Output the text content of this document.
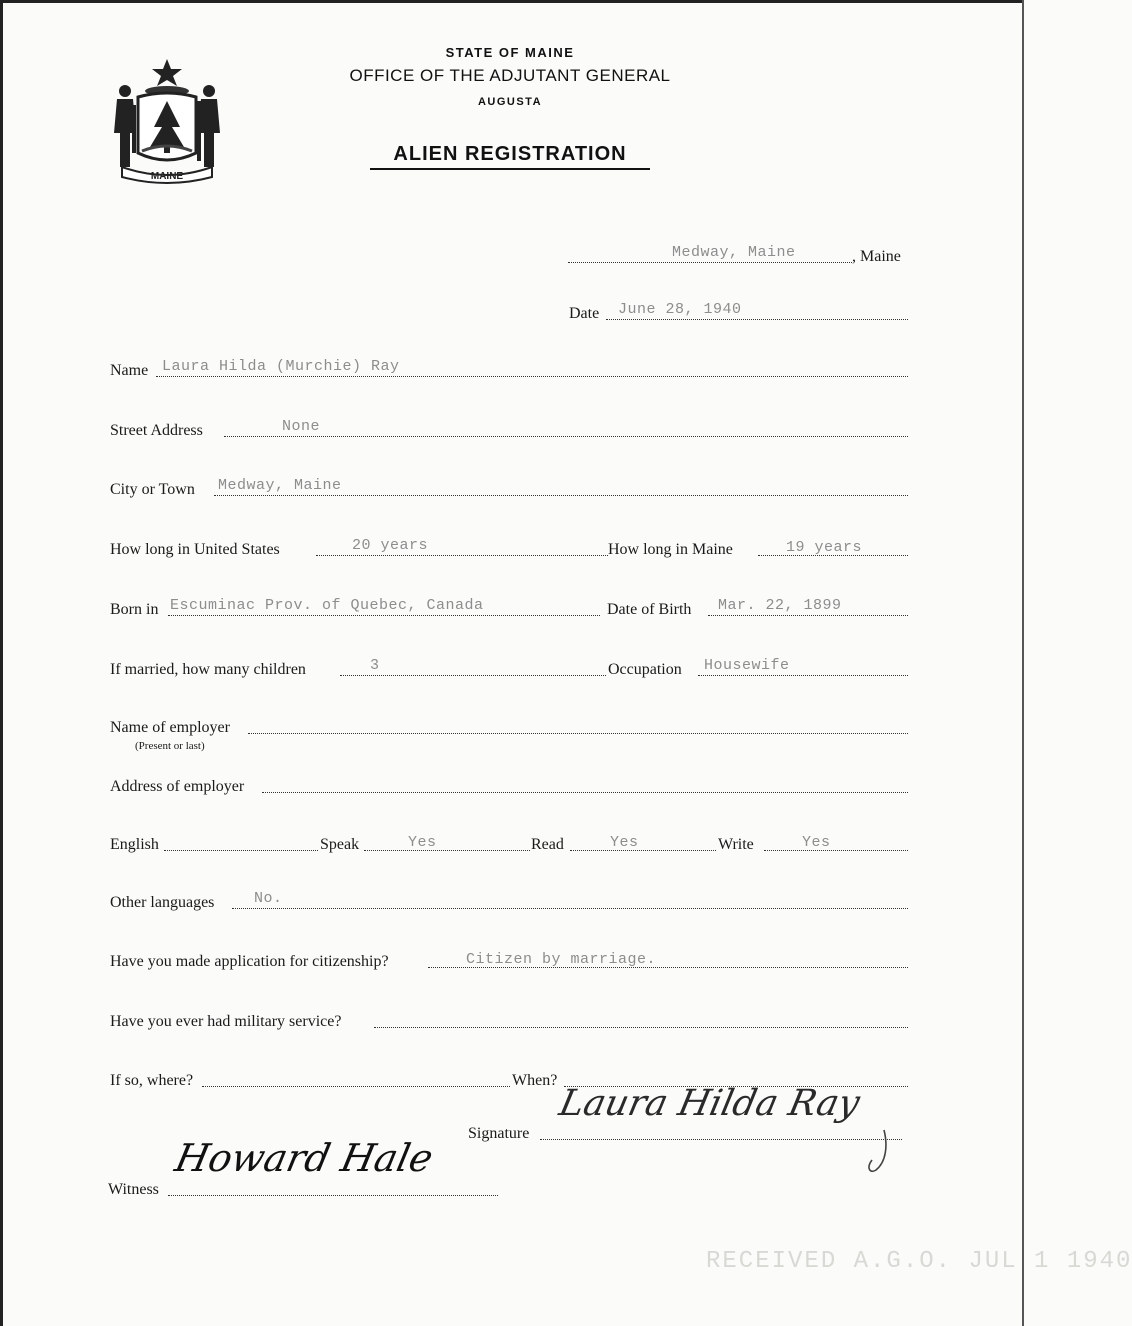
MAINE
STATE OF MAINE
OFFICE OF THE ADJUTANT GENERAL
AUGUSTA
ALIEN REGISTRATION
Medway, Maine	, Maine
Date June 28, 1940
Name Laura Hilda (Murchie) Ray
Street Address	None
City or Town Medway, Maine
How long in United States	20 years	How long in Maine	19 years
Born in Escuminac Prov. of Quebec, Canada	Date of Birth Mar. 22, 1899
If married, how many children	3	Occupation Housewife
Name of employer
(Present or last)
Address of employer
English	Speak	Yes	Read	Yes	Write	Yes
Other languages	No.
Have you made application for citizenship?	Citizen by marriage.
Have you ever had military service?
If so, where?	When?
Signature
Laura Hilda Ray
Witness
Howard Hale
RECEIVED A.G.O. JUL 1 1940
